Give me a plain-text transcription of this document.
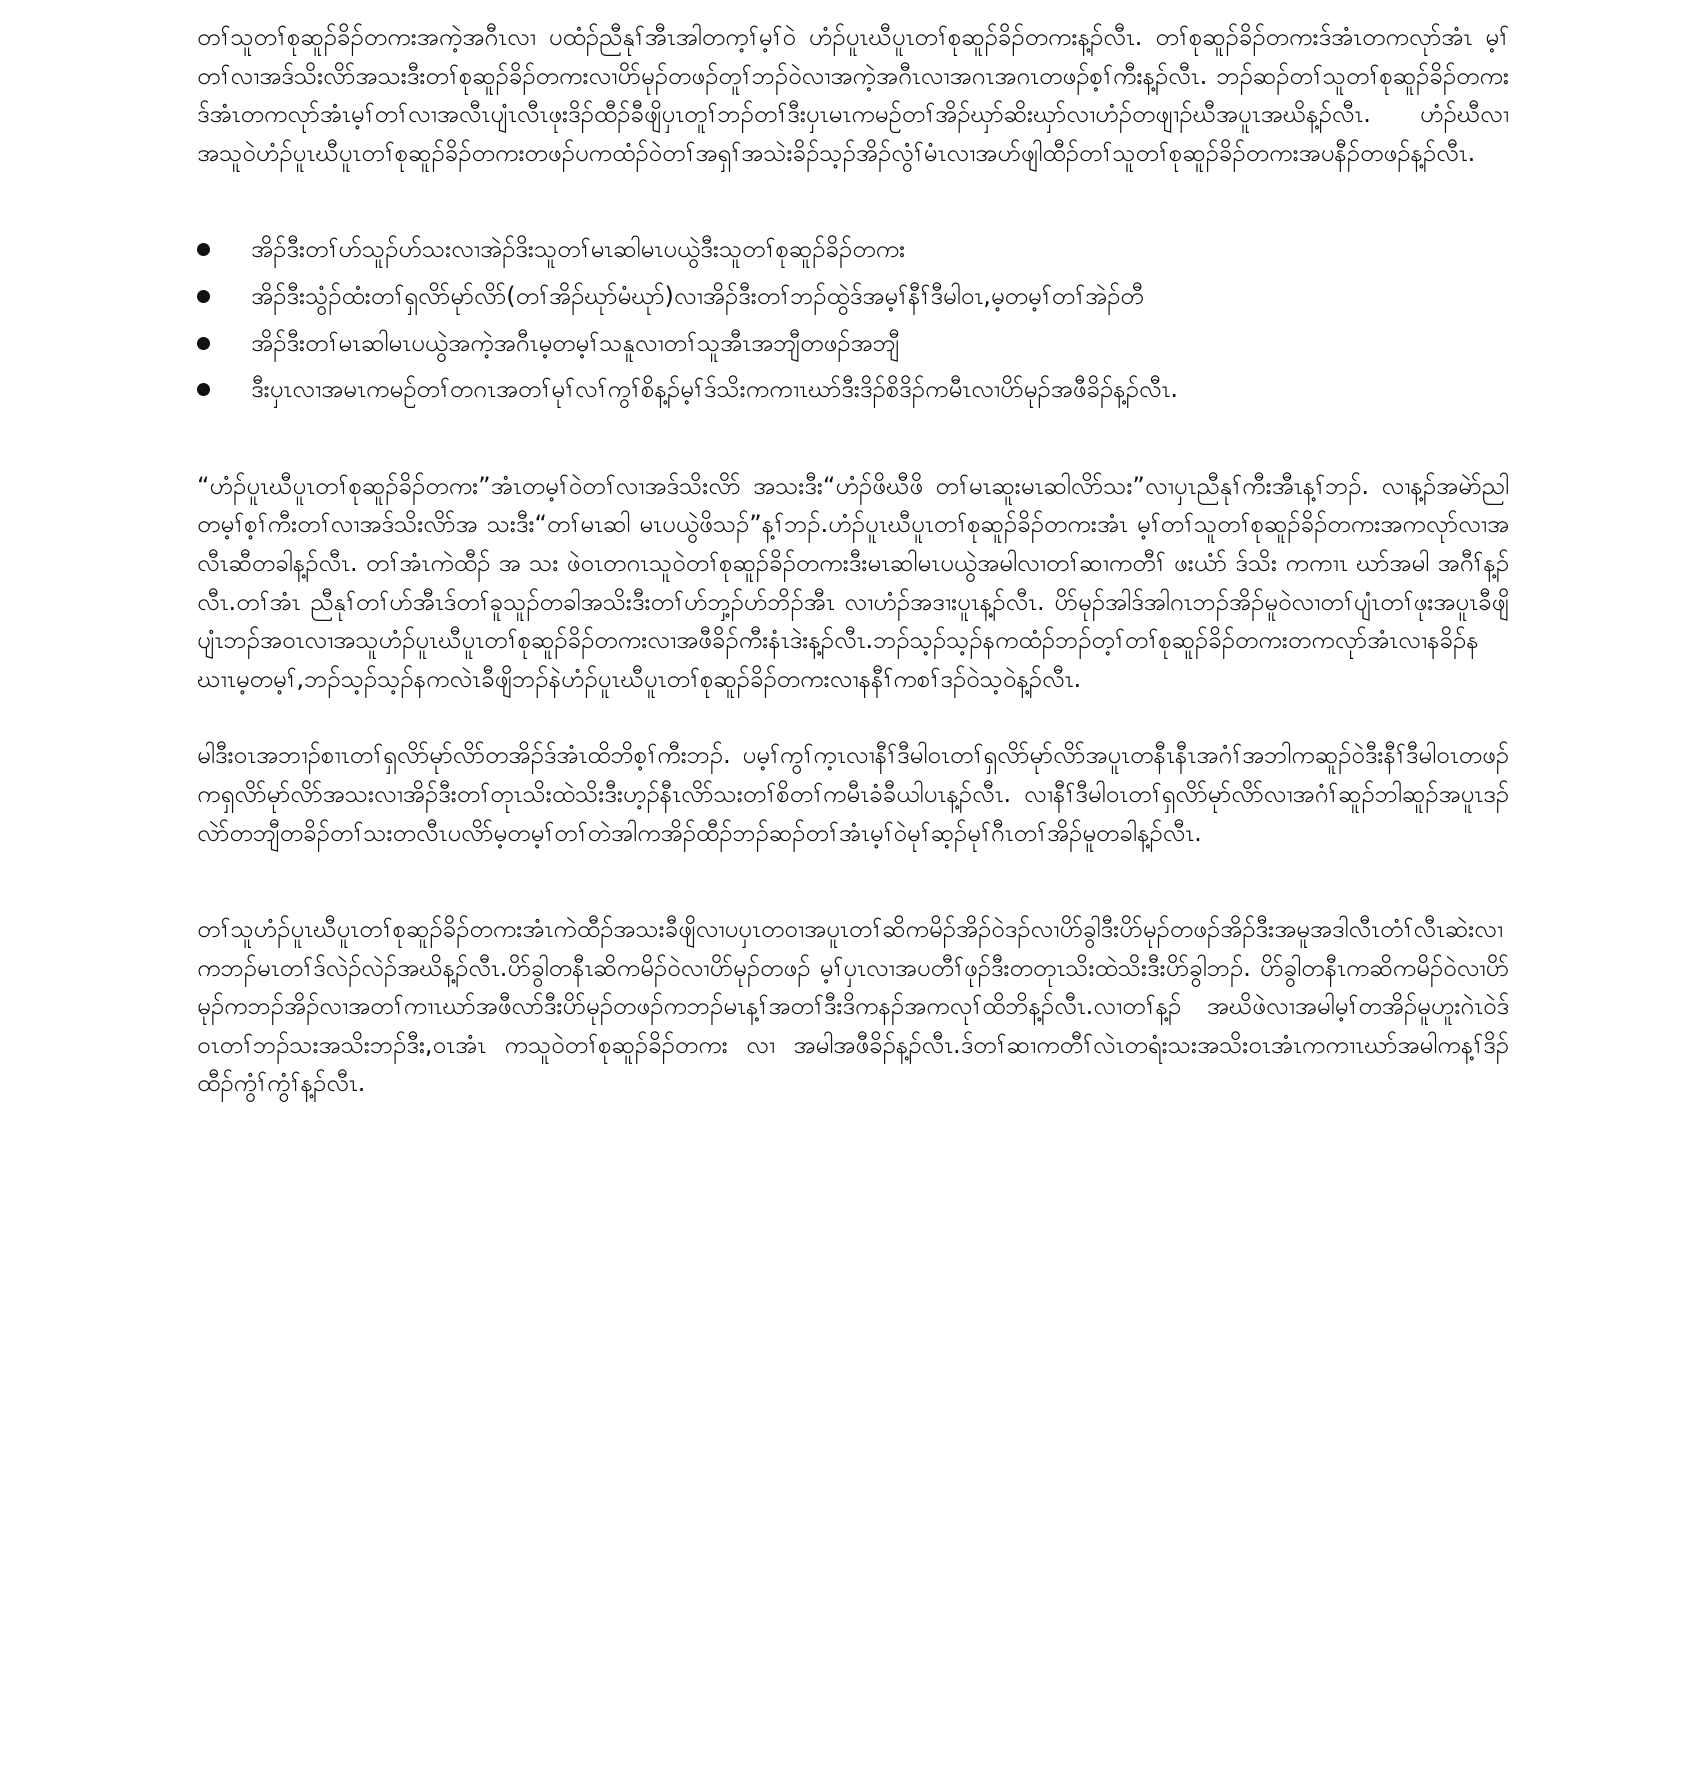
တၢ်သူတၢ်စုဆူၣ်ခိၣ်တကးအကဲ့အဂီၤလၢ ပထံၣ်ညီနုၢ်အီၤအါတက့ၢ်မ့ၢ်ဝဲ ဟံၣ်ပူၤဃီပူၤတၢ်စုဆူၣ်ခိၣ်တကးန့ၣ်လီၤ. တၢ်စုဆူၣ်ခိၣ်တကးဒ်အံၤတကလုာ်အံၤ မ့ၢ်တၢ်လၢအဒ်သိးလိာ်အသးဒီးတၢ်စုဆူၣ်ခိၣ်တကးလၢပိာ်မုၣ်တဖၣ်တူၢ်ဘၣ်ဝဲလၢအကဲ့အဂီၤလၢအဂၤအဂၤတဖၣ်စ့ၢ်ကီးန့ၣ်လီၤ. ဘၣ်ဆၣ်တၢ်သူတၢ်စုဆူၣ်ခိၣ်တကးဒ်အံၤတကလုာ်အံၤမ့ၢ်တၢ်လၢအလီၤပျံၤလီၤဖုးဒိၣ်ထီၣ်ခီဖျိပှၤတူၢ်ဘၣ်တၢ်ဒီးပှၤမၤကမဉ်တၢ်အိၣ်ဃှာ်ဆိးဃှာ်လၢဟံၣ်တဖျၢၣ်ဃီအပူၤအဃိန့ၣ်လီၤ. ဟံၣ်ဃီလၢအသူဝဲဟံၣ်ပူၤဃီပူၤတၢ်စုဆူၣ်ခိၣ်တကးတဖၣ်ပကထံၣ်ဝဲတၢ်အရှၢ်အသဲးခိၣ်သ့ၣ်အိၣ်လွံၢ်မံၤလၢအဟ်ဖျါထီၣ်တၢ်သူတၢ်စုဆူၣ်ခိၣ်တကးအပနီၣ်တဖၣ်န့ၣ်လီၤ.

အိၣ်ဒီးတၢ်ဟ်သူၣ်ဟ်သးလၢအဲၣ်ဒိးသူတၢ်မၤဆါမၤပယွဲဒီးသူတၢ်စုဆူၣ်ခိၣ်တကး
အိၣ်ဒီးသွံၣ်ထံးတၢ်ရှလိာ်မုာ်လိာ်(တၢ်အိၣ်ဃုာ်မံဃုာ်)လၢအိၣ်ဒီးတၢ်ဘၣ်ထွဲဒ်အမ့ၢ်နီၢ်ဒီမါဝၤ,မ့တမ့ၢ်တၢ်အဲၣ်တီ
အိၣ်ဒီးတၢ်မၤဆါမၤပယွဲအကဲ့အဂီၤမ့တမ့ၢ်သနူလၢတၢ်သူအီၤအဘျီတဖၣ်အဘျီ
ဒီးပှၤလၢအမၤကမဉ်တၢ်တဂၤအတၢ်မုၢ်လၢ်ကွၢ်စိန့ၣ်မ့ၢ်ဒ်သိးကကၢၤဃာ်ဒီးဒိၣ်စိဒိၣ်ကမီၤလၢပိာ်မုၣ်အဖီခိၣ်န့ၣ်လီၤ.

“ဟံၣ်ပူၤဃီပူၤတၢ်စုဆူၣ်ခိၣ်တကး”အံၤတမ့ၢ်ဝဲတၢ်လၢအဒ်သိးလိာ် အသးဒီး“ဟံၣ်ဖိဃီဖိ တၢ်မၤဆူးမၤဆါလိာ်သး”လၢပှၤညီနုၢ်ကီးအီၤန့ၢ်ဘၣ်. လၢန့ၣ်အမဲာ်ညါတမ့ၢ်စ့ၢ်ကီးတၢ်လၢအဒ်သိးလိာ်အ သးဒီး“တၢ်မၤဆါ မၤပယွဲဖိသၣ်”န့ၢ်ဘၣ်.ဟံၣ်ပူၤဃီပူၤတၢ်စုဆူၣ်ခိၣ်တကးအံၤ မ့ၢ်တၢ်သူတၢ်စုဆူၣ်ခိၣ်တကးအကလုာ်လၢအလီၤဆီတခါန့ၣ်လီၤ. တၢ်အံၤကဲထီၣ် အ သး ဖဲဝၤတဂၤသူဝဲတၢ်စုဆူၣ်ခိၣ်တကးဒီးမၤဆါမၤပယွဲအမါလၢတၢ်ဆၢကတီၢ် ဖးယံာ် ဒ်သိး ကကၢၤ ဃာ်အမါ အဂီၢ်န့ၣ် လီၤ.တၢ်အံၤ ညီနုၢ်တၢ်ဟ်အီၤဒ်တၢ်ခူသူၣ်တခါအသိးဒီးတၢ်ဟ်ဘှ့ၣ်ဟ်ဘိၣ်အီၤ လၢဟံၣ်အဒၢးပူၤန့ၣ်လီၤ. ပိာ်မုၣ်အါဒ်အါဂၤဘၣ်အိၣ်မူဝဲလၢတၢ်ပျံၤတၢ်ဖုးအပူၤခီဖျိပျံၤဘၣ်အဝၤလၢအသူဟံၣ်ပူၤဃီပူၤတၢ်စုဆူၣ်ခိၣ်တကးလၢအဖီခိၣ်ကီးနံၤဒဲးန့ၣ်လီၤ.ဘၣ်သ့ၣ်သ့ၣ်နကထံၣ်ဘၣ်တ့ၢ်တၢ်စုဆူၣ်ခိၣ်တကးတကလုာ်အံၤလၢနခိၣ်နဃၢၤမ့တမ့ၢ်,ဘၣ်သ့ၣ်သ့ၣ်နကလဲၤခီဖျိဘၣ်နဲဟံၣ်ပူၤဃီပူၤတၢ်စုဆူၣ်ခိၣ်တကးလၢနနီၢ်ကစၢ်ဒၣ်ဝဲသ့ဝဲန့ၣ်လီၤ.

မါဒီးဝၤအဘၢၣ်စၢၤတၢ်ရှလိာ်မုာ်လိာ်တအိၣ်ဒ်အံၤထိဘိစ့ၢ်ကီးဘၣ်. ပမ့ၢ်ကွၢ်က့ၤလၢနီၢ်ဒီမါဝၤတၢ်ရှလိာ်မုာ်လိာ်အပူၤတနီၤနီၤအဂံၢ်အဘါကဆူၣ်ဝဲဒီးနီၢ်ဒီမါဝၤတဖၣ်ကရှလိာ်မုာ်လိာ်အသးလၢအိၣ်ဒီးတၢ်တုၤသိးထဲသိးဒီးဟ့ၣ်နီၤလိာ်သးတၢ်စိတၢ်ကမီၤခံခီယါပၤန့ၣ်လီၤ. လၢနီၢ်ဒီမါဝၤတၢ်ရှလိာ်မုာ်လိာ်လၢအဂံၢ်ဆူၣ်ဘါဆူၣ်အပူၤဒၣ်လဲာ်တဘျီတခိၣ်တၢ်သးတလီၤပလိာ်မ့တမ့ၢ်တၢ်တဲအါကအိၣ်ထီၣ်ဘၣ်ဆၣ်တၢ်အံၤမ့ၢ်ဝဲမုၢ်ဆ့ၣ်မုၢ်ဂီၤတၢ်အိၣ်မူတခါန့ၣ်လီၤ.

တၢ်သူဟံၣ်ပူၤဃီပူၤတၢ်စုဆူၣ်ခိၣ်တကးအံၤကဲထီၣ်အသးခီဖျိလၢပပှၤတဝၢအပူၤတၢ်ဆိကမိၣ်အိၣ်ဝဲဒၣ်လၢပိာ်ခွါဒီးပိာ်မုၣ်တဖၣ်အိၣ်ဒီးအမူအဒါလီၤတံၢ်လီၤဆဲးလၢကဘၣ်မၤတၢ်ဒ်လဲၣ်လဲၣ်အဃိန့ၣ်လီၤ.ပိာ်ခွါတနီၤဆိကမိၣ်ဝဲလၢပိာ်မုၣ်တဖၣ် မ့ၢ်ပှၤလၢအပတီၢ်ဖုၣ်ဒီးတတုၤသိးထဲသိးဒီးပိာ်ခွါဘၣ်. ပိာ်ခွါတနီၤကဆိကမိၣ်ဝဲလၢပိာ်မုၣ်ကဘၣ်အိၣ်လၢအတၢ်ကၢၤဃာ်အဖီလာ်ဒီးပိာ်မုၣ်တဖၣ်ကဘၣ်မၤန့ၢ်အတၢ်ဒီးဒိကနၣ်အကလုၢ်ထိဘိန့ၣ်လီၤ.လၢတၢ်န့ၣ် အဃိဖဲလၢအမါမ့ၢ်တအိၣ်မူဟူးဂဲၤဝဲဒ်ဝၤတၢ်ဘၣ်သးအသိးဘၣ်ဒီး,ဝၤအံၤ ကသူဝဲတၢ်စုဆူၣ်ခိၣ်တကး လၢ အမါအဖီခိၣ်န့ၣ်လီၤ.ဒ်တၢ်ဆၢကတီၢ်လဲၤတရံးသးအသိးဝၤအံၤကကၢၤဃာ်အမါကန့ၢ်ဒိၣ်ထီၣ်ကွံၢ်ကွံၢ်န့ၣ်လီၤ.
